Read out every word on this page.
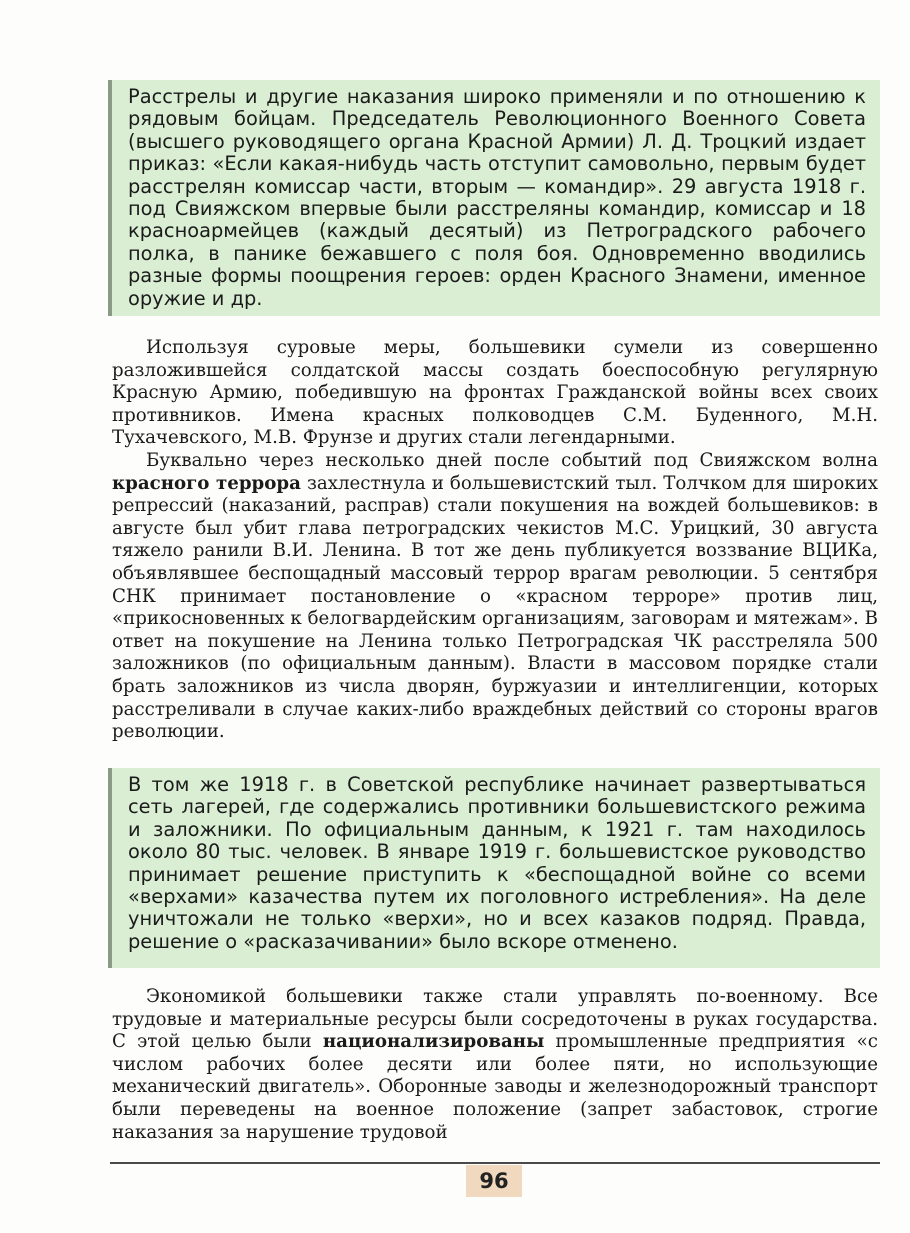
Расстрелы и другие наказания широко применяли и по отношению к рядовым бойцам. Председатель Революционного Военного Совета (высшего руководящего органа Красной Армии) Л. Д. Троцкий издает приказ: «Если какая-нибудь часть отступит самовольно, первым будет расстрелян комиссар части, вторым — командир». 29 августа 1918 г. под Свияжском впервые были расстреляны командир, комиссар и 18 красноармейцев (каждый десятый) из Петроградского рабочего полка, в панике бежавшего с поля боя. Одновременно вводились разные формы поощрения героев: орден Красного Знамени, именное оружие и др.

Используя суровые меры, большевики сумели из совершенно разложившейся солдатской массы создать боеспособную регулярную Красную Армию, победившую на фронтах Гражданской войны всех своих противников. Имена красных полководцев С.М. Буденного, М.Н. Тухачевского, М.В. Фрунзе и других стали легендарными.

Буквально через несколько дней после событий под Свияжском волна красного террора захлестнула и большевистский тыл. Толчком для широких репрессий (наказаний, расправ) стали покушения на вождей большевиков: в августе был убит глава петроградских чекистов М.С. Урицкий, 30 августа тяжело ранили В.И. Ленина. В тот же день публикуется воззвание ВЦИКа, объявлявшее беспощадный массовый террор врагам революции. 5 сентября СНК принимает постановление о «красном терроре» против лиц, «прикосновенных к белогвардейским организациям, заговорам и мятежам». В ответ на покушение на Ленина только Петроградская ЧК расстреляла 500 заложников (по официальным данным). Власти в массовом порядке стали брать заложников из числа дворян, буржуазии и интеллигенции, которых расстреливали в случае каких-либо враждебных действий со стороны врагов революции.

В том же 1918 г. в Советской республике начинает развертываться сеть лагерей, где содержались противники большевистского режима и заложники. По официальным данным, к 1921 г. там находилось около 80 тыс. человек. В январе 1919 г. большевистское руководство принимает решение приступить к «беспощадной войне со всеми «верхами» казачества путем их поголовного истребления». На деле уничтожали не только «верхи», но и всех казаков подряд. Правда, решение о «расказачивании» было вскоре отменено.

Экономикой большевики также стали управлять по-военному. Все трудовые и материальные ресурсы были сосредоточены в руках государства. С этой целью были национализированы промышленные предприятия «с числом рабочих более десяти или более пяти, но использующие механический двигатель». Оборонные заводы и железнодорожный транспорт были переведены на военное положение (запрет забастовок, строгие наказания за нарушение трудовой

96
